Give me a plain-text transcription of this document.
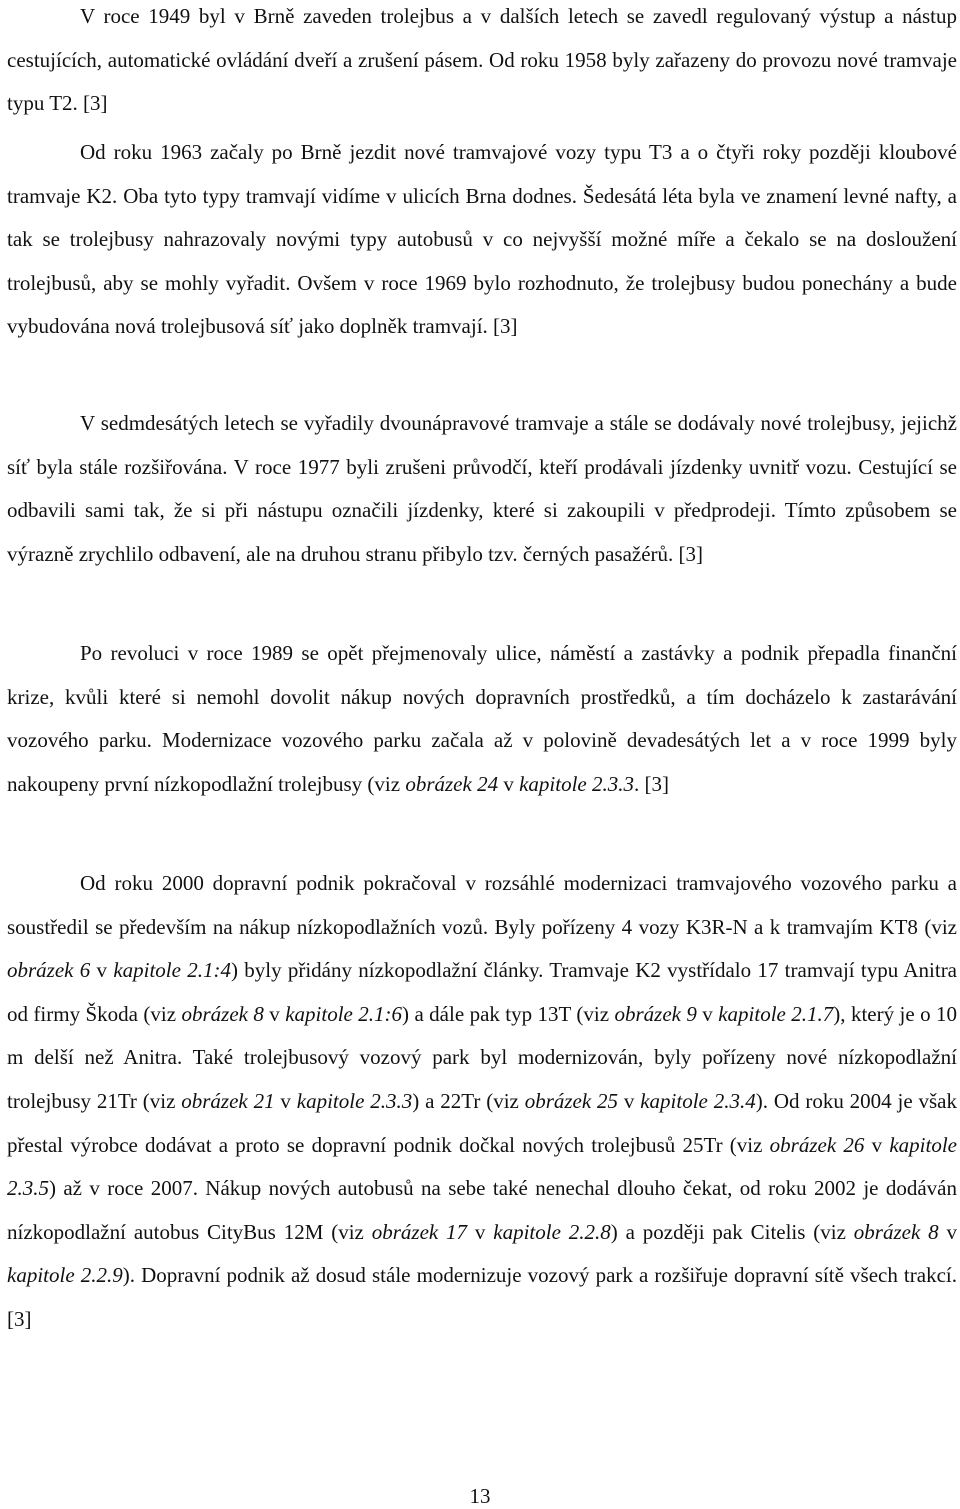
V roce 1949 byl v Brně zaveden trolejbus a v dalších letech se zavedl regulovaný výstup a nástup cestujících, automatické ovládání dveří a zrušení pásem. Od roku 1958 byly zařazeny do provozu nové tramvaje typu T2. [3]

Od roku 1963 začaly po Brně jezdit nové tramvajové vozy typu T3 a o čtyři roky později kloubové tramvaje K2. Oba tyto typy tramvají vidíme v ulicích Brna dodnes. Šedesátá léta byla ve znamení levné nafty, a tak se trolejbusy nahrazovaly novými typy autobusů v co nejvyšší možné míře a čekalo se na dosloužení trolejbusů, aby se mohly vyřadit. Ovšem v roce 1969 bylo rozhodnuto, že trolejbusy budou ponechány a bude vybudována nová trolejbusová síť jako doplněk tramvají. [3]

V sedmdesátých letech se vyřadily dvounápravové tramvaje a stále se dodávaly nové trolejbusy, jejichž síť byla stále rozšiřována. V roce 1977 byli zrušeni průvodčí, kteří prodávali jízdenky uvnitř vozu. Cestující se odbavili sami tak, že si při nástupu označili jízdenky, které si zakoupili v předprodeji. Tímto způsobem se výrazně zrychlilo odbavení, ale na druhou stranu přibylo tzv. černých pasažérů. [3]

Po revoluci v roce 1989 se opět přejmenovaly ulice, náměstí a zastávky a podnik přepadla finanční krize, kvůli které si nemohl dovolit nákup nových dopravních prostředků, a tím docházelo k zastarávání vozového parku. Modernizace vozového parku začala až v polovině devadesátých let a v roce 1999 byly nakoupeny první nízkopodlažní trolejbusy (viz obrázek 24 v kapitole 2.3.3. [3]

Od roku 2000 dopravní podnik pokračoval v rozsáhlé modernizaci tramvajového vozového parku a soustředil se především na nákup nízkopodlažních vozů. Byly pořízeny 4 vozy K3R-N a k tramvajím KT8 (viz obrázek 6 v kapitole 2.1:4) byly přidány nízkopodlažní články. Tramvaje K2 vystřídalo 17 tramvají typu Anitra od firmy Škoda (viz obrázek 8 v kapitole 2.1:6) a dále pak typ 13T (viz obrázek 9 v kapitole 2.1.7), který je o 10 m delší než Anitra. Také trolejbusový vozový park byl modernizován, byly pořízeny nové nízkopodlažní trolejbusy 21Tr (viz obrázek 21 v kapitole 2.3.3) a 22Tr (viz obrázek 25 v kapitole 2.3.4). Od roku 2004 je však přestal výrobce dodávat a proto se dopravní podnik dočkal nových trolejbusů 25Tr (viz obrázek 26 v kapitole 2.3.5) až v roce 2007. Nákup nových autobusů na sebe také nenechal dlouho čekat, od roku 2002 je dodáván nízkopodlažní autobus CityBus 12M (viz obrázek 17 v kapitole 2.2.8) a později pak Citelis (viz obrázek 8 v kapitole 2.2.9). Dopravní podnik až dosud stále modernizuje vozový park a rozšiřuje dopravní sítě všech trakcí. [3]

13
